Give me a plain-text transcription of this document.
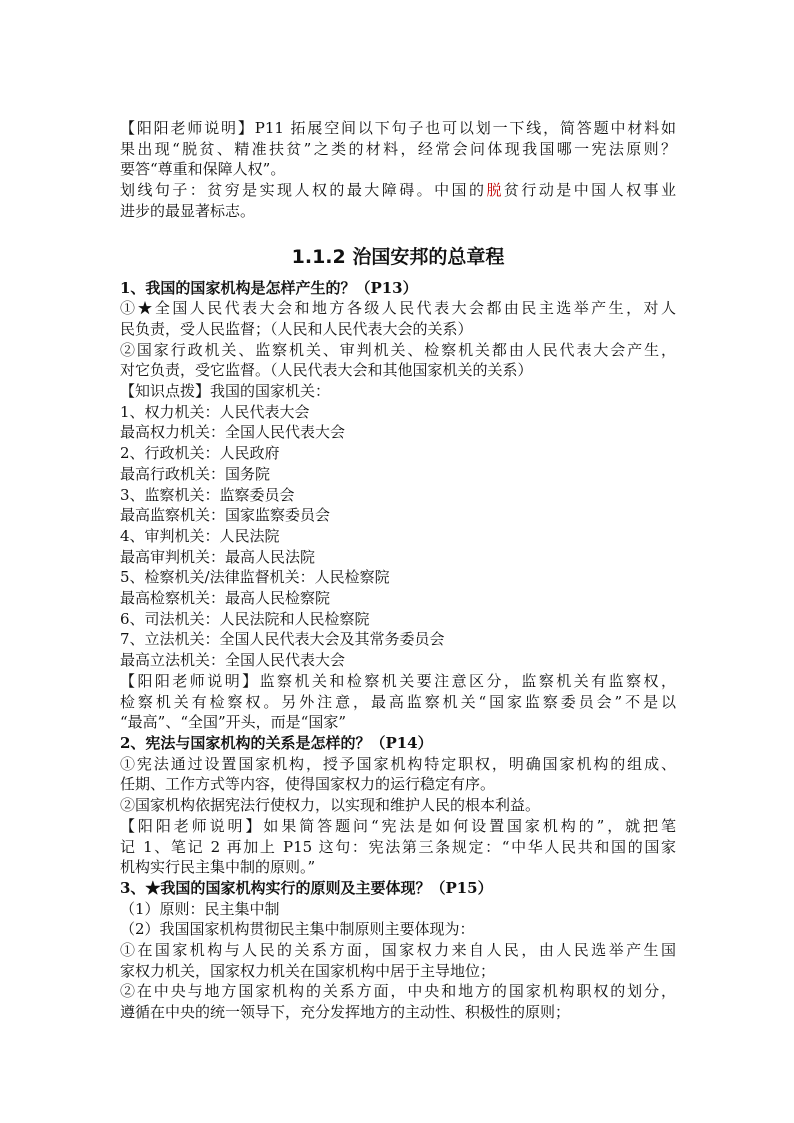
【阳阳老师说明】P11 拓展空间以下句子也可以划一下线，简答题中材料如
果出现“脱贫、精准扶贫”之类的材料，经常会问体现我国哪一宪法原则？
要答“尊重和保障人权”。
划线句子：贫穷是实现人权的最大障碍。中国的脱贫行动是中国人权事业
进步的最显著标志。
1.1.2 治国安邦的总章程
1、我国的国家机构是怎样产生的？（P13）
①★全国人民代表大会和地方各级人民代表大会都由民主选举产生，对人
民负责，受人民监督；（人民和人民代表大会的关系）
②国家行政机关、监察机关、审判机关、检察机关都由人民代表大会产生，
对它负责，受它监督。（人民代表大会和其他国家机关的关系）
【知识点拨】我国的国家机关：
1、权力机关：人民代表大会
最高权力机关：全国人民代表大会
2、行政机关：人民政府
最高行政机关：国务院
3、监察机关：监察委员会
最高监察机关：国家监察委员会
4、审判机关：人民法院
最高审判机关：最高人民法院
5、检察机关/法律监督机关：人民检察院
最高检察机关：最高人民检察院
6、司法机关：人民法院和人民检察院
7、立法机关：全国人民代表大会及其常务委员会
最高立法机关：全国人民代表大会
【阳阳老师说明】监察机关和检察机关要注意区分，监察机关有监察权，
检察机关有检察权。另外注意，最高监察机关“国家监察委员会”不是以
“最高”、“全国”开头，而是“国家”
2、宪法与国家机构的关系是怎样的？（P14）
①宪法通过设置国家机构，授予国家机构特定职权，明确国家机构的组成、
任期、工作方式等内容，使得国家权力的运行稳定有序。
②国家机构依据宪法行使权力，以实现和维护人民的根本利益。
【阳阳老师说明】如果简答题问“宪法是如何设置国家机构的”，就把笔
记 1、笔记 2 再加上 P15 这句：宪法第三条规定：“中华人民共和国的国家
机构实行民主集中制的原则。”
3、★我国的国家机构实行的原则及主要体现？（P15）
（1）原则：民主集中制
（2）我国国家机构贯彻民主集中制原则主要体现为：
①在国家机构与人民的关系方面，国家权力来自人民，由人民选举产生国
家权力机关，国家权力机关在国家机构中居于主导地位；
②在中央与地方国家机构的关系方面，中央和地方的国家机构职权的划分，
遵循在中央的统一领导下，充分发挥地方的主动性、积极性的原则；
